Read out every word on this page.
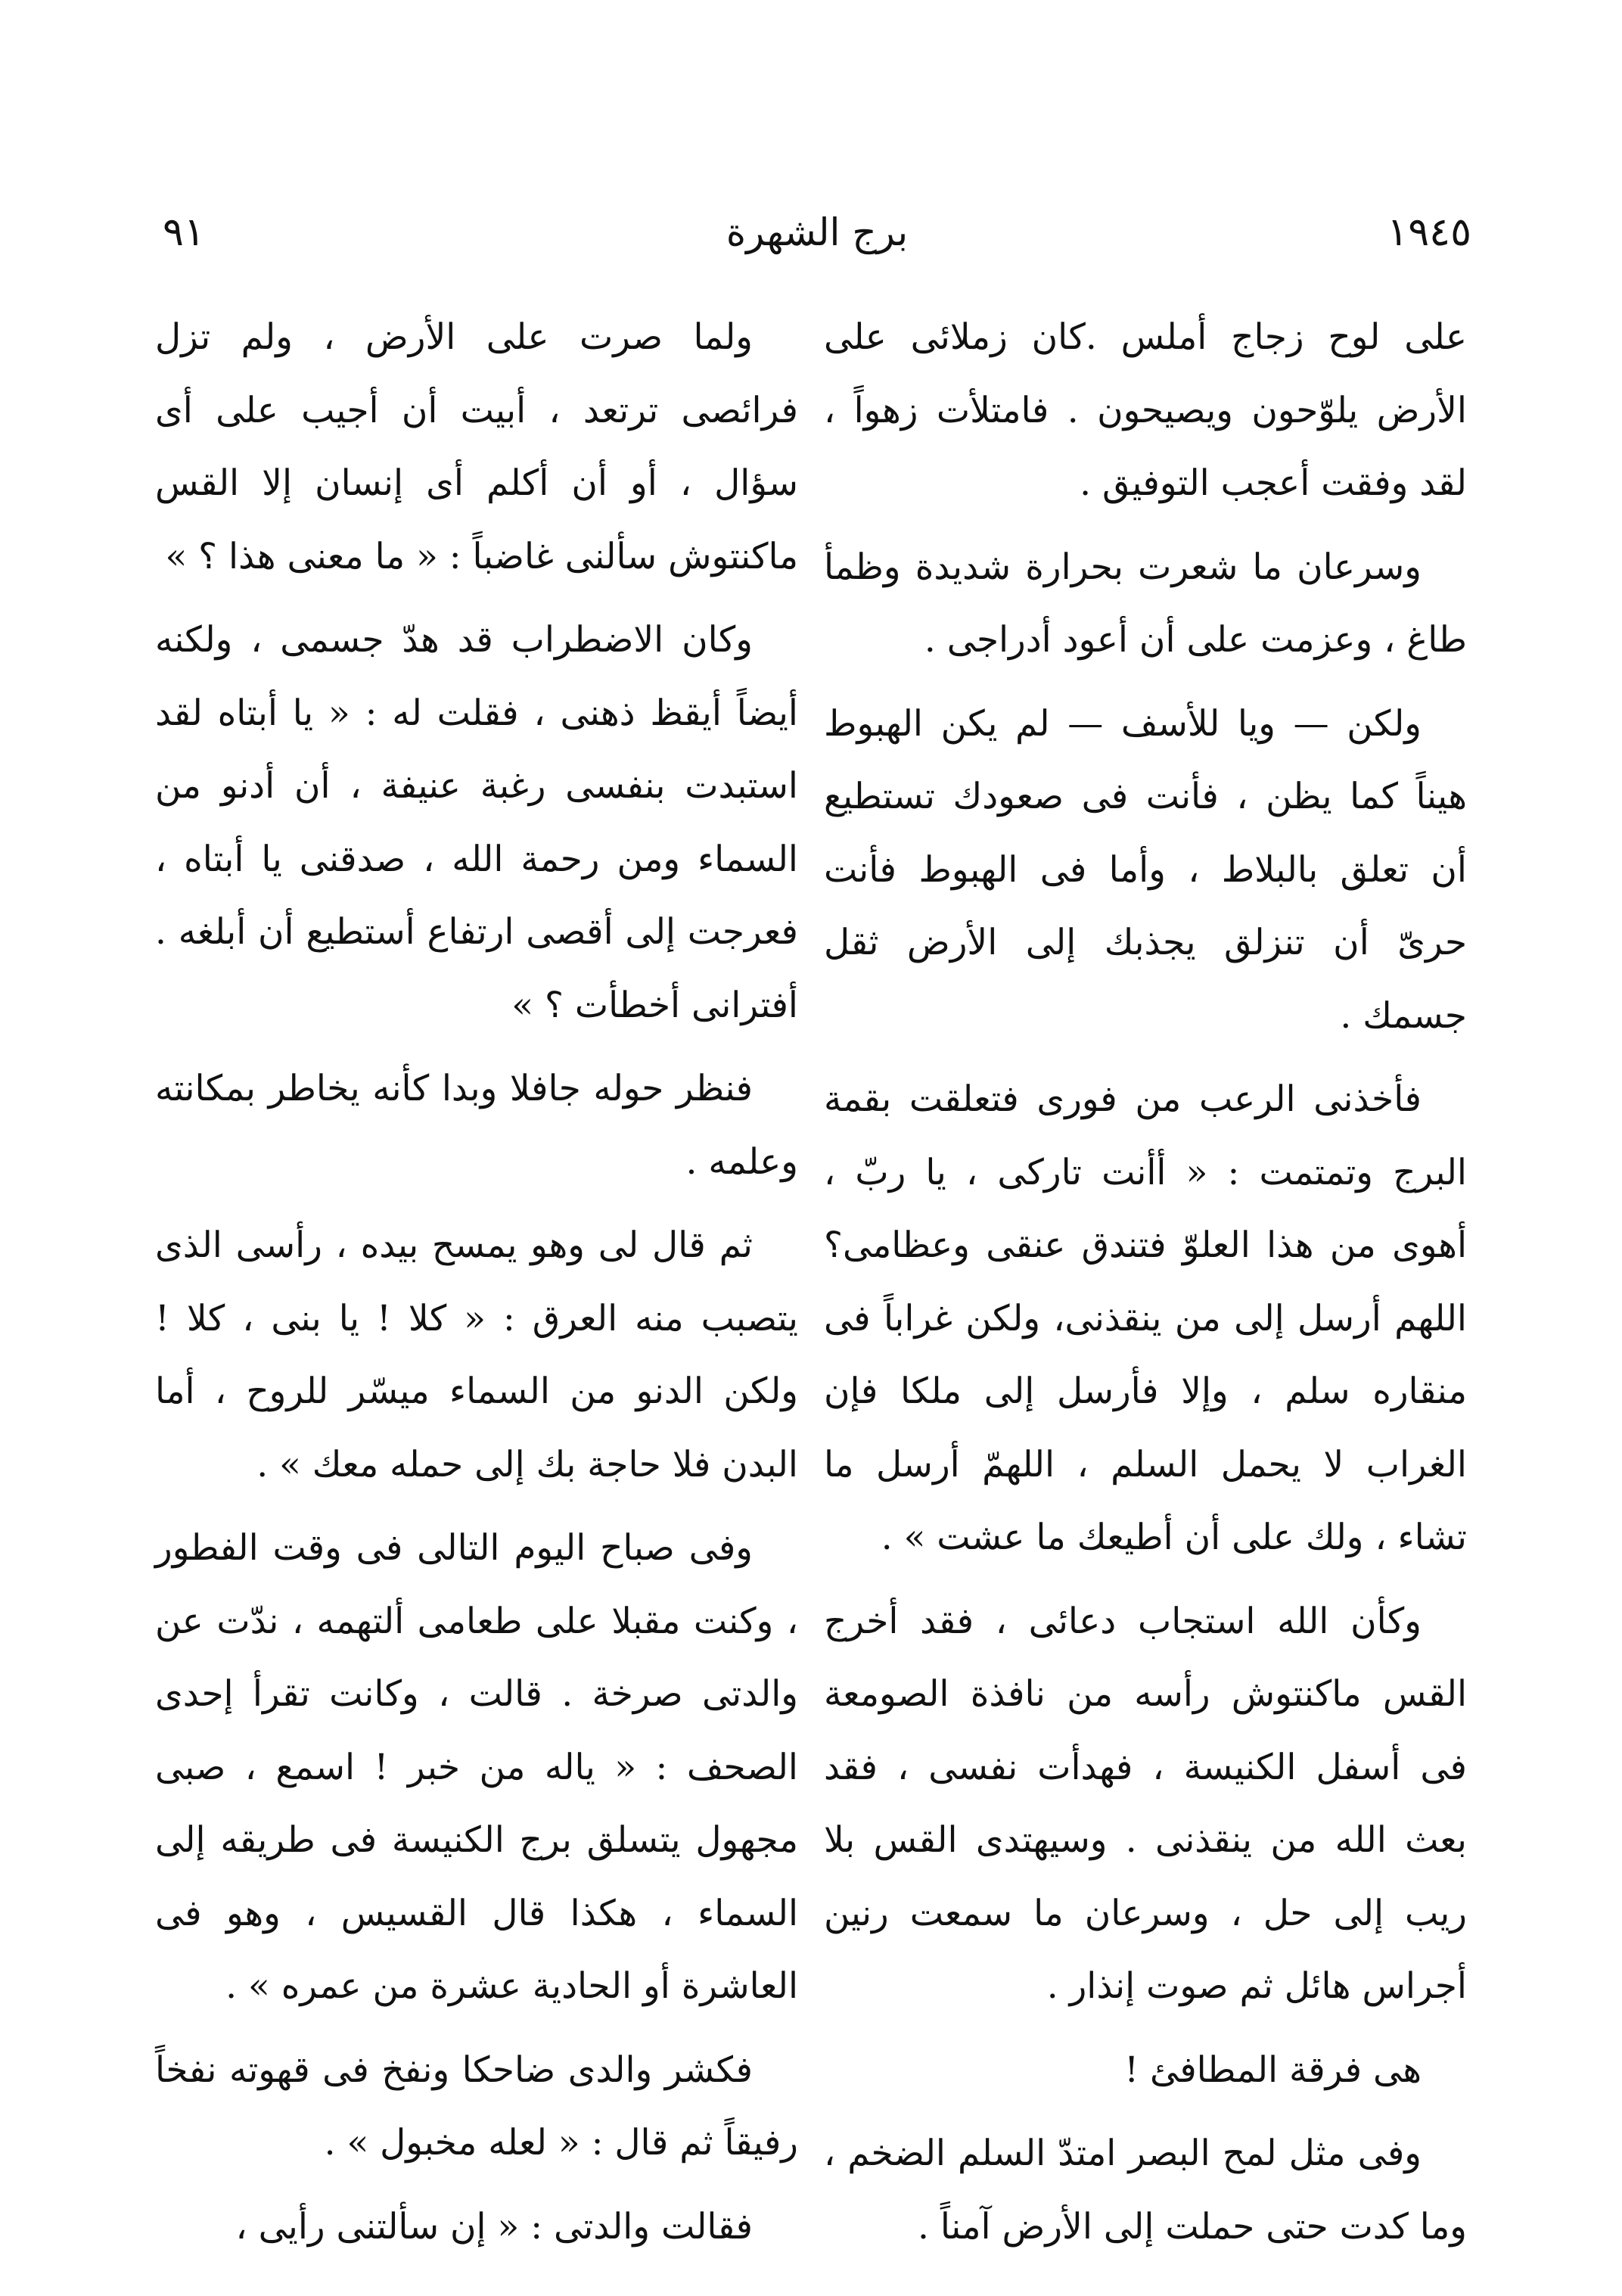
١٩٤٥
برج الشهرة
٩١

على لوح زجاج أملس .كان زملائى على الأرض يلوّحون ويصيحون . فامتلأت زهواً ، لقد وفقت أعجب التوفيق .

وسرعان ما شعرت بحرارة شديدة وظمأ طاغ ، وعزمت على أن أعود أدراجى .

ولكن — ويا للأسف — لم يكن الهبوط هيناً كما يظن ، فأنت فى صعودك تستطيع أن تعلق بالبلاط ، وأما فى الهبوط فأنت حرىّ أن تنزلق يجذبك إلى الأرض ثقل جسمك .

فأخذنى الرعب من فورى فتعلقت بقمة البرج وتمتمت : « أأنت تاركى ، يا ربّ ، أهوى من هذا العلوّ فتندق عنقى وعظامى؟ اللهم أرسل إلى من ينقذنى، ولكن غراباً فى منقاره سلم ، وإلا فأرسل إلى ملكا فإن الغراب لا يحمل السلم ، اللهمّ أرسل ما تشاء ، ولك على أن أطيعك ما عشت » .

وكأن الله استجاب دعائى ، فقد أخرج القس ماكنتوش رأسه من نافذة الصومعة فى أسفل الكنيسة ، فهدأت نفسى ، فقد بعث الله من ينقذنى . وسيهتدى القس بلا ريب إلى حل ، وسرعان ما سمعت رنين أجراس هائل ثم صوت إنذار .

هى فرقة المطافئ !

وفى مثل لمح البصر امتدّ السلم الضخم ، وما كدت حتى حملت إلى الأرض آمناً .

ولما صرت على الأرض ، ولم تزل فرائصى ترتعد ، أبيت أن أجيب على أى سؤال ، أو أن أكلم أى إنسان إلا القس ماكنتوش سألنى غاضباً : « ما معنى هذا ؟ »

وكان الاضطراب قد هدّ جسمى ، ولكنه أيضاً أيقظ ذهنى ، فقلت له : « يا أبتاه لقد استبدت بنفسى رغبة عنيفة ، أن أدنو من السماء ومن رحمة الله ، صدقنى يا أبتاه ، فعرجت إلى أقصى ارتفاع أستطيع أن أبلغه . أفترانى أخطأت ؟ »

فنظر حوله جافلا وبدا كأنه يخاطر بمكانته وعلمه .

ثم قال لى وهو يمسح بيده ، رأسى الذى يتصبب منه العرق : « كلا ! يا بنى ، كلا ! ولكن الدنو من السماء ميسّر للروح ، أما البدن فلا حاجة بك إلى حمله معك » .

وفى صباح اليوم التالى فى وقت الفطور ، وكنت مقبلا على طعامى ألتهمه ، ندّت عن والدتى صرخة . قالت ، وكانت تقرأ إحدى الصحف : « ياله من خبر ! اسمع ، صبى مجهول يتسلق برج الكنيسة فى طريقه إلى السماء ، هكذا قال القسيس ، وهو فى العاشرة أو الحادية عشرة من عمره » .

فكشر والدى ضاحكا ونفخ فى قهوته نفخاً رفيقاً ثم قال : « لعله مخبول » .

فقالت والدتى : « إن سألتنى رأيى ،
